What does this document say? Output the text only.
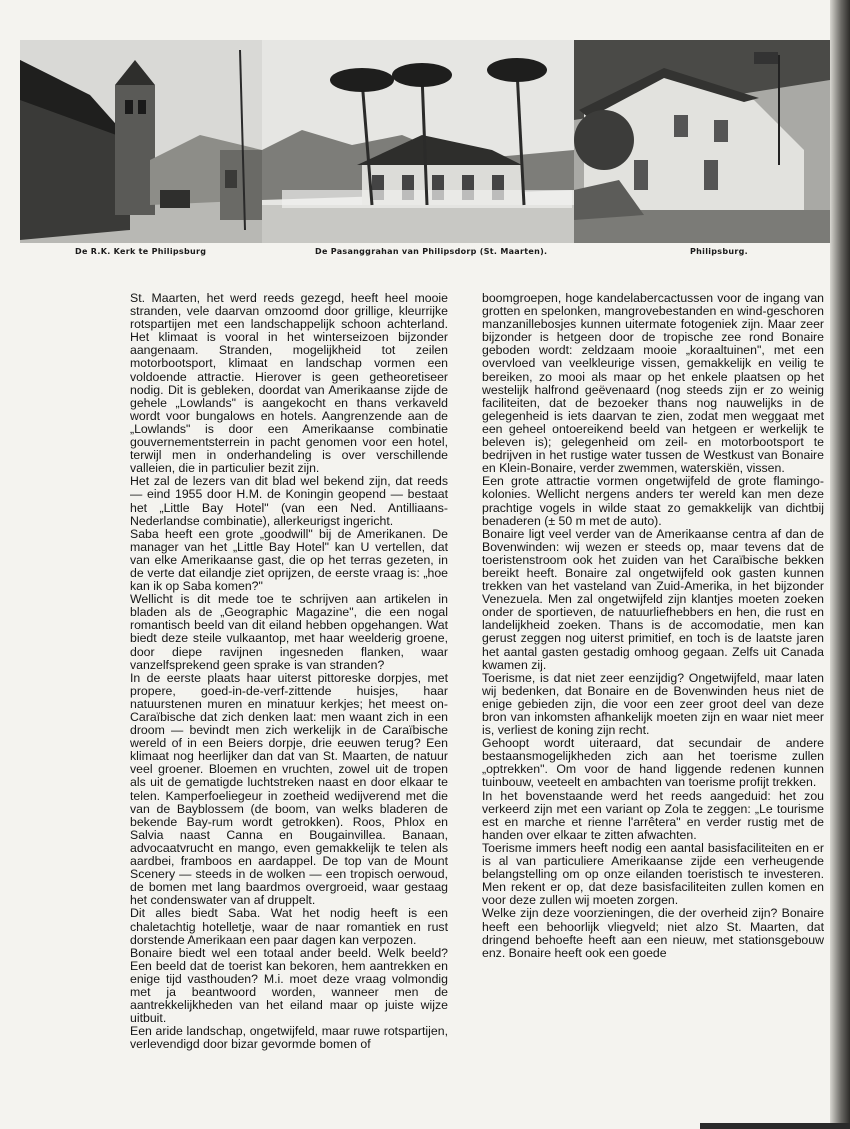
De R.K. Kerk te Philipsburg	De Pasanggrahan van Philipsdorp (St. Maarten).	Philipsburg.

St. Maarten, het werd reeds gezegd, heeft heel mooie stranden, vele daarvan omzoomd door grillige, kleurrijke rotspartijen met een landschappelijk schoon achterland. Het klimaat is vooral in het winterseizoen bijzonder aangenaam. Stranden, mogelijkheid tot zeilen motorbootsport, klimaat en landschap vormen een voldoende attractie. Hierover is geen getheoretiseer nodig. Dit is gebleken, doordat van Amerikaanse zijde de gehele „Lowlands" is aangekocht en thans verkaveld wordt voor bungalows en hotels. Aangrenzende aan de „Lowlands" is door een Amerikaanse combinatie gouvernementsterrein in pacht genomen voor een hotel, terwijl men in onderhandeling is over verschillende valleien, die in particulier bezit zijn.

Het zal de lezers van dit blad wel bekend zijn, dat reeds — eind 1955 door H.M. de Koningin geopend — bestaat het „Little Bay Hotel" (van een Ned. Antilliaans-Nederlandse combinatie), allerkeurigst ingericht.

Saba heeft een grote „goodwill" bij de Amerikanen. De manager van het „Little Bay Hotel" kan U vertellen, dat van elke Amerikaanse gast, die op het terras gezeten, in de verte dat eilandje ziet oprijzen, de eerste vraag is: „hoe kan ik op Saba komen?"

Wellicht is dit mede toe te schrijven aan artikelen in bladen als de „Geographic Magazine", die een nogal romantisch beeld van dit eiland hebben opgehangen. Wat biedt deze steile vulkaantop, met haar weelderig groene, door diepe ravijnen ingesneden flanken, waar vanzelfsprekend geen sprake is van stranden?

In de eerste plaats haar uiterst pittoreske dorpjes, met propere, goed-in-de-verf-zittende huisjes, haar natuurstenen muren en minatuur kerkjes; het meest on-Caraïbische dat zich denken laat: men waant zich in een droom — bevindt men zich werkelijk in de Caraïbische wereld of in een Beiers dorpje, drie eeuwen terug? Een klimaat nog heerlijker dan dat van St. Maarten, de natuur veel groener. Bloemen en vruchten, zowel uit de tropen als uit de gematigde luchtstreken naast en door elkaar te telen. Kamperfoeliegeur in zoetheid wedijverend met die van de Bayblossem (de boom, van welks bladeren de bekende Bay-rum wordt getrokken). Roos, Phlox en Salvia naast Canna en Bougainvillea. Banaan, advocaatvrucht en mango, even gemakkelijk te telen als aardbei, framboos en aardappel. De top van de Mount Scenery — steeds in de wolken — een tropisch oerwoud, de bomen met lang baardmos overgroeid, waar gestaag het condenswater van af druppelt.

Dit alles biedt Saba. Wat het nodig heeft is een chaletachtig hotelletje, waar de naar romantiek en rust dorstende Amerikaan een paar dagen kan verpozen.

Bonaire biedt wel een totaal ander beeld. Welk beeld? Een beeld dat de toerist kan bekoren, hem aantrekken en enige tijd vasthouden? M.i. moet deze vraag volmondig met ja beantwoord worden, wanneer men de aantrekkelijkheden van het eiland maar op juiste wijze uitbuit.

Een aride landschap, ongetwijfeld, maar ruwe rotspartijen, verlevendigd door bizar gevormde bomen of

boomgroepen, hoge kandelabercactussen voor de ingang van grotten en spelonken, mangrovebestanden en wind-geschoren manzanillebosjes kunnen uitermate fotogeniek zijn. Maar zeer bijzonder is hetgeen door de tropische zee rond Bonaire geboden wordt: zeldzaam mooie „koraaltuinen", met een overvloed van veelkleurige vissen, gemakkelijk en veilig te bereiken, zo mooi als maar op het enkele plaatsen op het westelijk halfrond geëvenaard (nog steeds zijn er zo weinig faciliteiten, dat de bezoeker thans nog nauwelijks in de gelegenheid is iets daarvan te zien, zodat men weggaat met een geheel ontoereikend beeld van hetgeen er werkelijk te beleven is); gelegenheid om zeil- en motorbootsport te bedrijven in het rustige water tussen de Westkust van Bonaire en Klein-Bonaire, verder zwemmen, waterskiën, vissen.

Een grote attractie vormen ongetwijfeld de grote flamingo-kolonies. Wellicht nergens anders ter wereld kan men deze prachtige vogels in wilde staat zo gemakkelijk van dichtbij benaderen (± 50 m met de auto).

Bonaire ligt veel verder van de Amerikaanse centra af dan de Bovenwinden: wij wezen er steeds op, maar tevens dat de toeristenstroom ook het zuiden van het Caraïbische bekken bereikt heeft. Bonaire zal ongetwijfeld ook gasten kunnen trekken van het vasteland van Zuid-Amerika, in het bijzonder Venezuela. Men zal ongetwijfeld zijn klantjes moeten zoeken onder de sportieven, de natuurliefhebbers en hen, die rust en landelijkheid zoeken. Thans is de accomodatie, men kan gerust zeggen nog uiterst primitief, en toch is de laatste jaren het aantal gasten gestadig omhoog gegaan. Zelfs uit Canada kwamen zij.

Toerisme, is dat niet zeer eenzijdig? Ongetwijfeld, maar laten wij bedenken, dat Bonaire en de Bovenwinden heus niet de enige gebieden zijn, die voor een zeer groot deel van deze bron van inkomsten afhankelijk moeten zijn en waar niet meer is, verliest de koning zijn recht.

Gehoopt wordt uiteraard, dat secundair de andere bestaansmogelijkheden zich aan het toerisme zullen „optrekken". Om voor de hand liggende redenen kunnen tuinbouw, veeteelt en ambachten van toerisme profijt trekken.

In het bovenstaande werd het reeds aangeduid: het zou verkeerd zijn met een variant op Zola te zeggen: „Le tourisme est en marche et rienne l'arrêtera" en verder rustig met de handen over elkaar te zitten afwachten.

Toerisme immers heeft nodig een aantal basisfaciliteiten en er is al van particuliere Amerikaanse zijde een verheugende belangstelling om op onze eilanden toeristisch te investeren. Men rekent er op, dat deze basisfaciliteiten zullen komen en voor deze zullen wij moeten zorgen.

Welke zijn deze voorzieningen, die der overheid zijn? Bonaire heeft een behoorlijk vliegveld; niet alzo St. Maarten, dat dringend behoefte heeft aan een nieuw, met stationsgebouw enz. Bonaire heeft ook een goede
